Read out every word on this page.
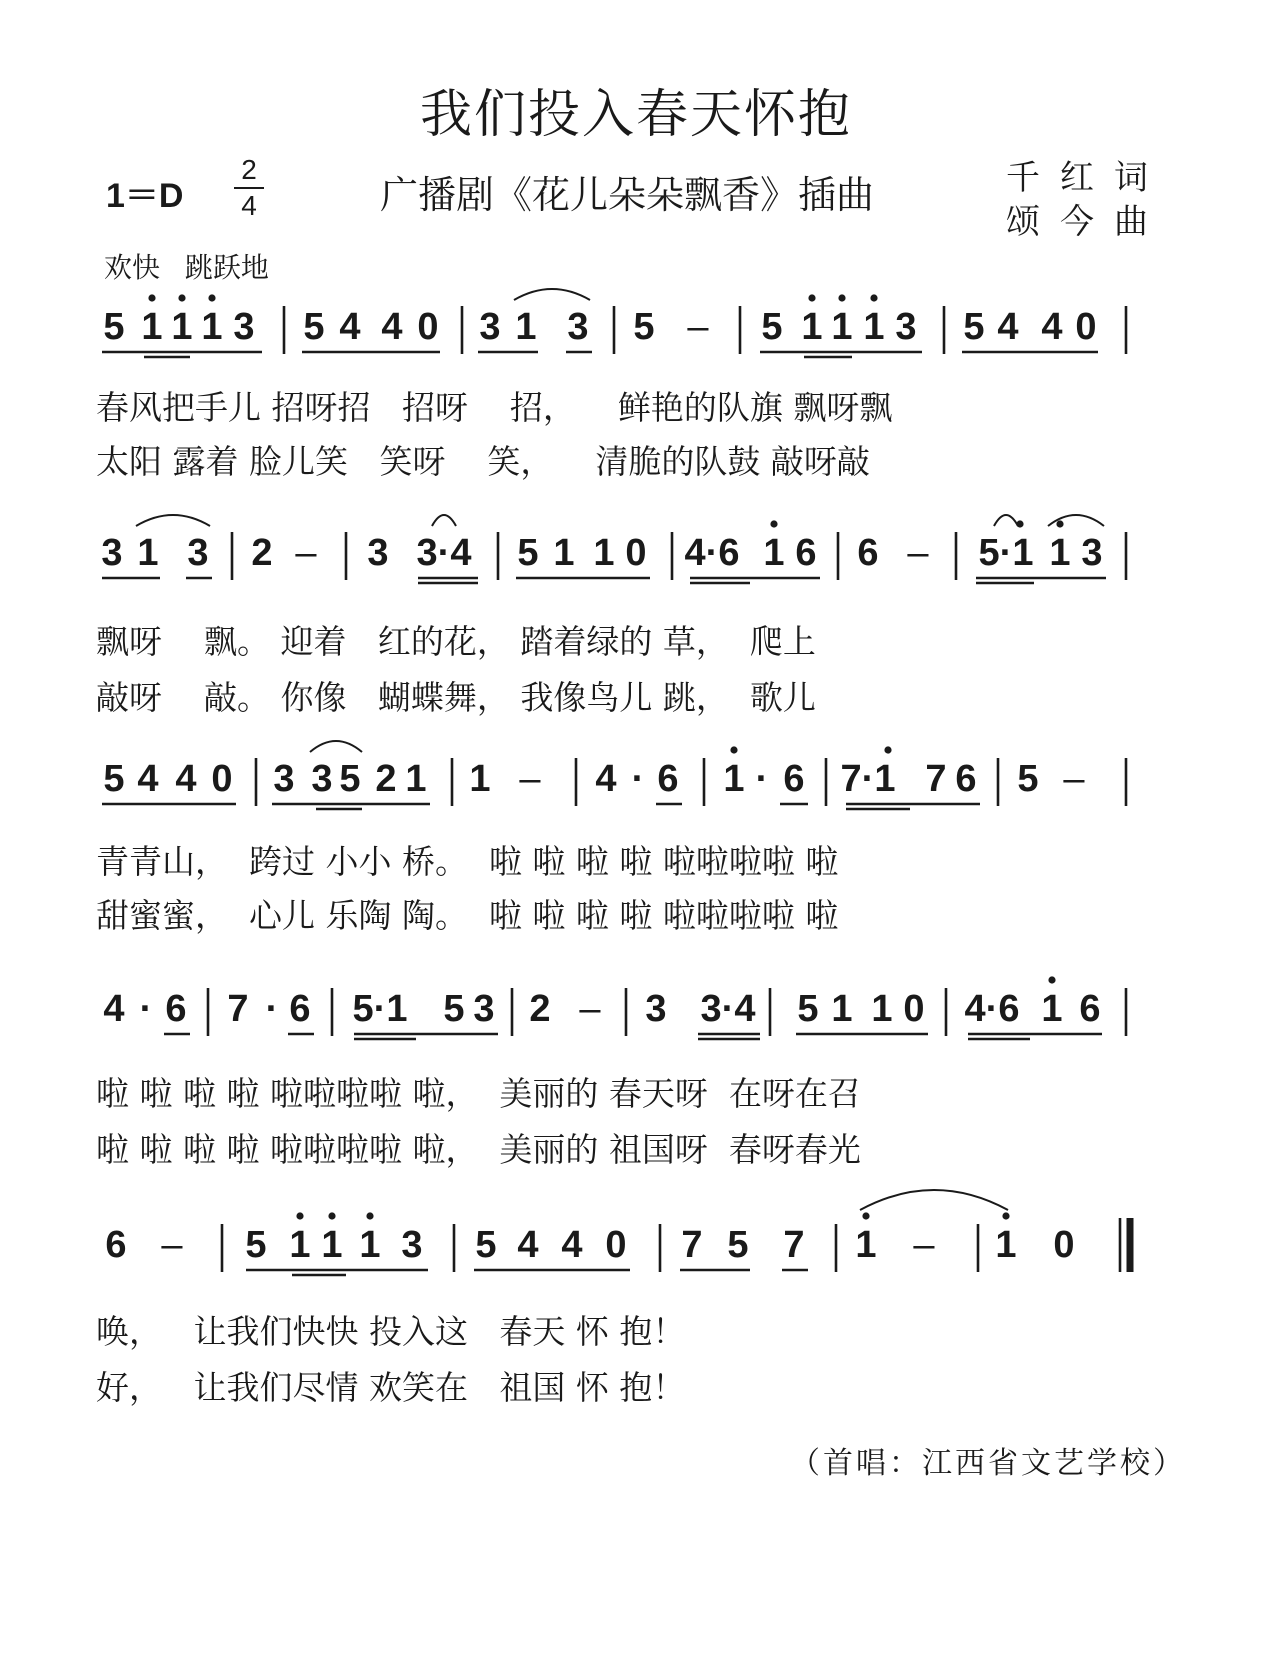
我们投入春天怀抱
1＝D
2
4	广播剧《花儿朵朵飘香》插曲	千红词
颂今曲
欢快 跳跃地
5 1 1 1 3 5 4 4 0 3 1 3 5 – 5 1 1 1 3 5 4 4 0
春风把手儿 招呀招   招呀    招，    鲜艳的队旗 飘呀飘
太阳 露着 脸儿笑   笑呀    笑，    清脆的队鼓 敲呀敲
3 1 3 2 – 3 3·4 5 1 1 0 4·6 1 6 6 – 5·1 1 3
飘呀    飘。 迎着   红的花， 踏着绿的 草，  爬上
敲呀    敲。 你像   蝴蝶舞， 我像鸟儿 跳，  歌儿
5 4 4 0 3 3 5 2 1 1 – 4 · 6 1 · 6 7·1 7 6 5 –
青青山，  跨过 小小 桥。  啦 啦 啦 啦 啦啦啦啦 啦
甜蜜蜜，  心儿 乐陶 陶。  啦 啦 啦 啦 啦啦啦啦 啦
4 · 6 7 · 6 5·1 5 3 2 – 3 3·4 5 1 1 0 4·6 1 6
啦 啦 啦 啦 啦啦啦啦 啦，  美丽的 春天呀  在呀在召
啦 啦 啦 啦 啦啦啦啦 啦，  美丽的 祖国呀  春呀春光
6 – 5 1 1 1 3 5 4 4 0 7 5 7 1 – 1 0
唤，   让我们快快 投入这   春天 怀 抱！
好，   让我们尽情 欢笑在   祖国 怀 抱！
（首唱：江西省文艺学校）
